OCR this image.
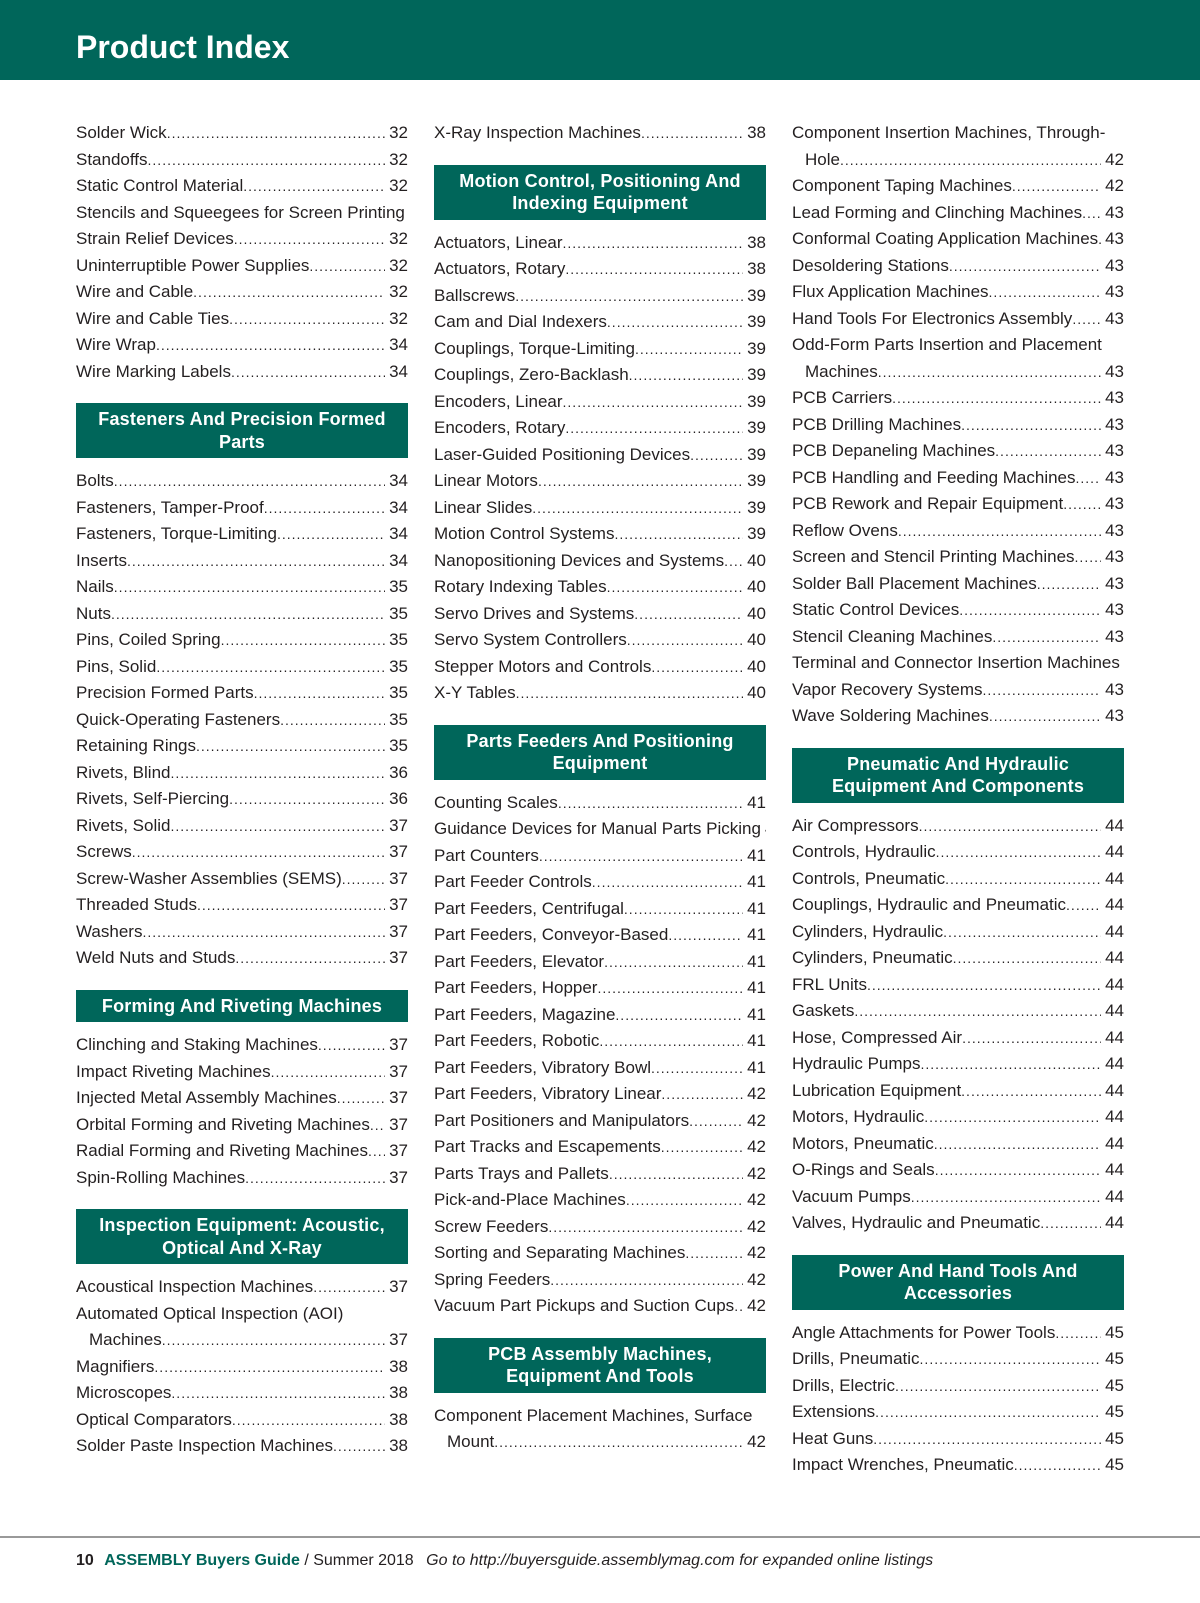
Product Index
Solder Wick .....	32
Standoffs .....	32
Static Control Material .....	32
Stencils and Squeegees for Screen Printing
Strain Relief Devices .....	32
Uninterruptible Power Supplies .....	32
Wire and Cable .....	32
Wire and Cable Ties .....	32
Wire Wrap .....	34
Wire Marking Labels .....	34
Fasteners And Precision Formed Parts
Bolts .....	34
Fasteners, Tamper-Proof .....	34
Fasteners, Torque-Limiting .....	34
Inserts .....	34
Nails .....	35
Nuts .....	35
Pins, Coiled Spring .....	35
Pins, Solid .....	35
Precision Formed Parts .....	35
Quick-Operating Fasteners .....	35
Retaining Rings .....	35
Rivets, Blind .....	36
Rivets, Self-Piercing .....	36
Rivets, Solid .....	37
Screws .....	37
Screw-Washer Assemblies (SEMS) .....	37
Threaded Studs .....	37
Washers .....	37
Weld Nuts and Studs .....	37
Forming And Riveting Machines
Clinching and Staking Machines .....	37
Impact Riveting Machines .....	37
Injected Metal Assembly Machines .....	37
Orbital Forming and Riveting Machines ..... 37
Radial Forming and Riveting Machines ..... 37
Spin-Rolling Machines .....	37
Inspection Equipment: Acoustic, Optical And X-Ray
Acoustical Inspection Machines .....	37
Automated Optical Inspection (AOI)
Machines .....	37
Magnifiers .....	38
Microscopes .....	38
Optical Comparators .....	38
Solder Paste Inspection Machines .....	38
X-Ray Inspection Machines .....	38
Motion Control, Positioning And Indexing Equipment
Actuators, Linear .....	38
Actuators, Rotary .....	38
Ballscrews .....	39
Cam and Dial Indexers .....	39
Couplings, Torque-Limiting .....	39
Couplings, Zero-Backlash .....	39
Encoders, Linear .....	39
Encoders, Rotary .....	39
Laser-Guided Positioning Devices .....	39
Linear Motors .....	39
Linear Slides .....	39
Motion Control Systems .....	39
Nanopositioning Devices and Systems ..... 40
Rotary Indexing Tables .....	40
Servo Drives and Systems .....	40
Servo System Controllers .....	40
Stepper Motors and Controls .....	40
X-Y Tables .....	40
Parts Feeders And Positioning Equipment
Counting Scales .....	41
Guidance Devices for Manual Parts Picking
Part Counters .....	41
Part Feeder Controls .....	41
Part Feeders, Centrifugal .....	41
Part Feeders, Conveyor-Based .....	41
Part Feeders, Elevator .....	41
Part Feeders, Hopper .....	41
Part Feeders, Magazine .....	41
Part Feeders, Robotic .....	41
Part Feeders, Vibratory Bowl .....	41
Part Feeders, Vibratory Linear .....	42
Part Positioners and Manipulators .....	42
Part Tracks and Escapements .....	42
Parts Trays and Pallets .....	42
Pick-and-Place Machines .....	42
Screw Feeders .....	42
Sorting and Separating Machines .....	42
Spring Feeders .....	42
Vacuum Part Pickups and Suction Cups ..... 42
PCB Assembly Machines, Equipment And Tools
Component Placement Machines, Surface
Mount .....	42
Component Insertion Machines, Through-
Hole .....	42
Component Taping Machines .....	42
Lead Forming and Clinching Machines ..... 43
Conformal Coating Application Machines ..... 43
Desoldering Stations .....	43
Flux Application Machines .....	43
Hand Tools For Electronics Assembly ..... 43
Odd-Form Parts Insertion and Placement
Machines .....	43
PCB Carriers .....	43
PCB Drilling Machines .....	43
PCB Depaneling Machines .....	43
PCB Handling and Feeding Machines ..... 43
PCB Rework and Repair Equipment ..... 43
Reflow Ovens .....	43
Screen and Stencil Printing Machines ..... 43
Solder Ball Placement Machines .....	43
Static Control Devices .....	43
Stencil Cleaning Machines .....	43
Terminal and Connector Insertion Machines
Vapor Recovery Systems .....	43
Wave Soldering Machines .....	43
Pneumatic And Hydraulic Equipment And Components
Air Compressors .....	44
Controls, Hydraulic .....	44
Controls, Pneumatic .....	44
Couplings, Hydraulic and Pneumatic ..... 44
Cylinders, Hydraulic .....	44
Cylinders, Pneumatic .....	44
FRL Units .....	44
Gaskets .....	44
Hose, Compressed Air .....	44
Hydraulic Pumps .....	44
Lubrication Equipment .....	44
Motors, Hydraulic .....	44
Motors, Pneumatic .....	44
O-Rings and Seals .....	44
Vacuum Pumps .....	44
Valves, Hydraulic and Pneumatic .....	44
Power And Hand Tools And Accessories
Angle Attachments for Power Tools .....	45
Drills, Pneumatic .....	45
Drills, Electric .....	45
Extensions .....	45
Heat Guns .....	45
Impact Wrenches, Pneumatic .....	45
10 ASSEMBLY Buyers Guide / Summer 2018 Go to http://buyersguide.assemblymag.com for expanded online listings
